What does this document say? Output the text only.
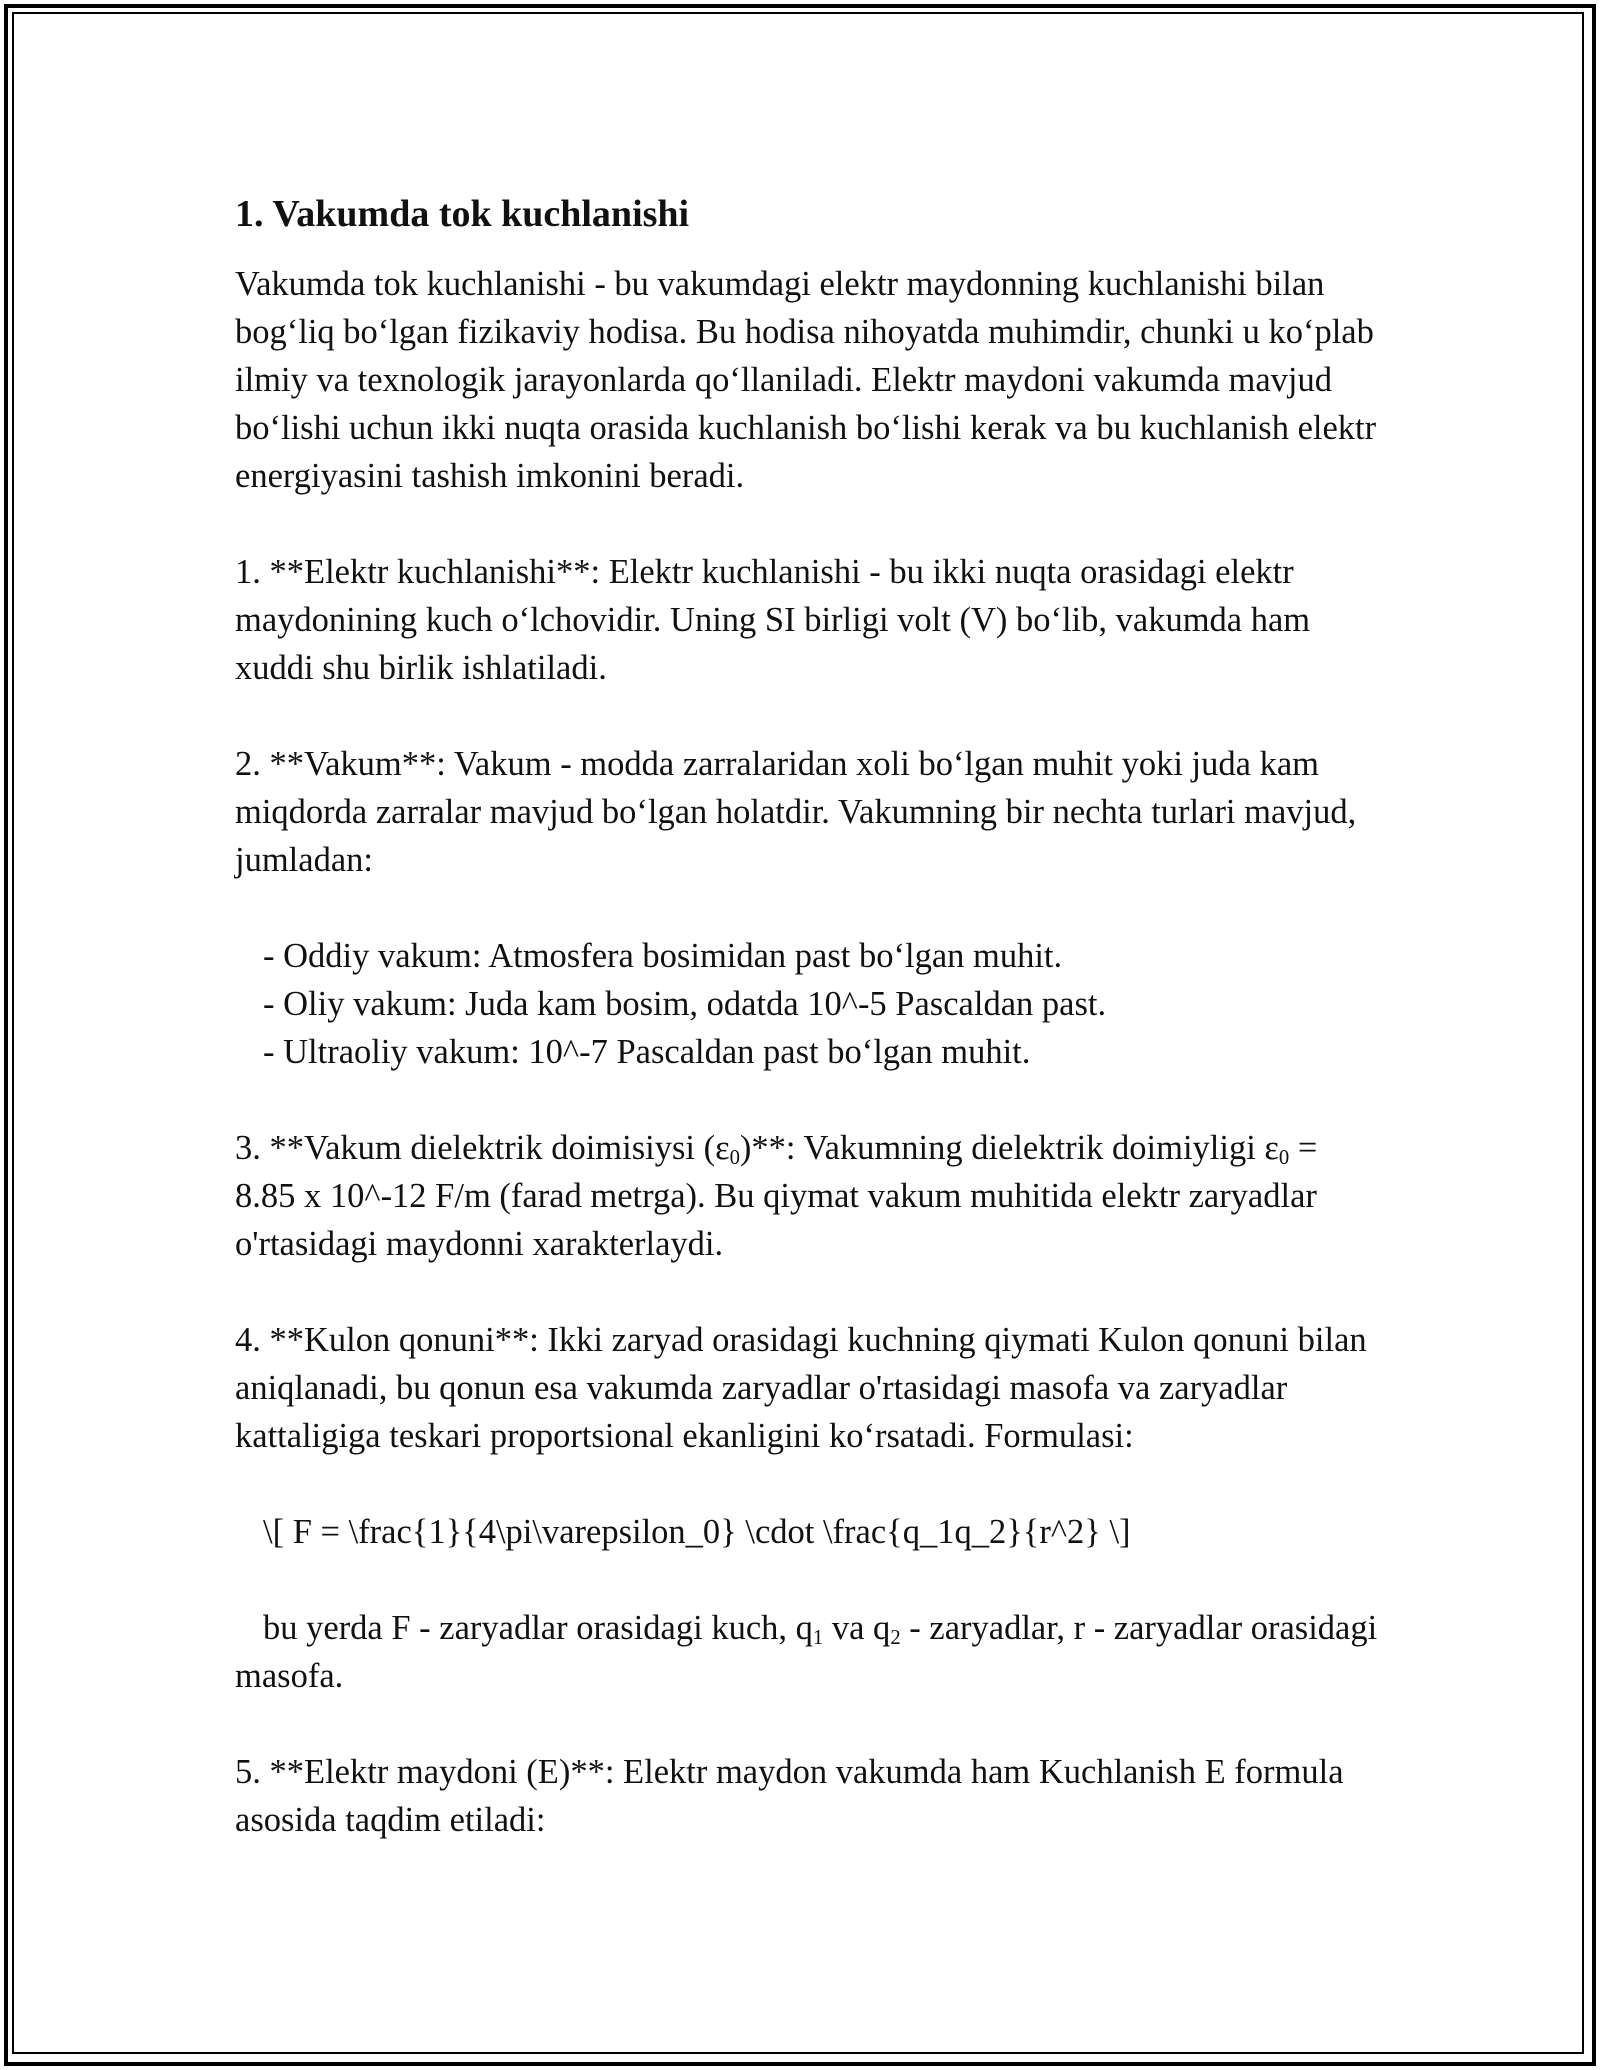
1. Vakumda tok kuchlanishi

Vakumda tok kuchlanishi - bu vakumdagi elektr maydonning kuchlanishi bilan bog‘liq bo‘lgan fizikaviy hodisa. Bu hodisa nihoyatda muhimdir, chunki u ko‘plab ilmiy va texnologik jarayonlarda qo‘llaniladi. Elektr maydoni vakumda mavjud bo‘lishi uchun ikki nuqta orasida kuchlanish bo‘lishi kerak va bu kuchlanish elektr energiyasini tashish imkonini beradi.

1. **Elektr kuchlanishi**: Elektr kuchlanishi - bu ikki nuqta orasidagi elektr maydonining kuch o‘lchovidir. Uning SI birligi volt (V) bo‘lib, vakumda ham xuddi shu birlik ishlatiladi.

2. **Vakum**: Vakum - modda zarralaridan xoli bo‘lgan muhit yoki juda kam miqdorda zarralar mavjud bo‘lgan holatdir. Vakumning bir nechta turlari mavjud, jumladan:

- Oddiy vakum: Atmosfera bosimidan past bo‘lgan muhit.
- Oliy vakum: Juda kam bosim, odatda 10^-5 Pascaldan past.
- Ultraoliy vakum: 10^-7 Pascaldan past bo‘lgan muhit.

3. **Vakum dielektrik doimisiysi $(\varepsilon_0)**$: Vakumning dielektrik doimiyligi $\varepsilon_0 = 8.85$ x 10^-12 F/m (farad metrga). Bu qiymat vakum muhitida elektr zaryadlar o'rtasidagi maydonni xarakterlaydi.

4. **Kulon qonuni**: Ikki zaryad orasidagi kuchning qiymati Kulon qonuni bilan aniqlanadi, bu qonun esa vakumda zaryadlar o'rtasidagi masofa va zaryadlar kattaligiga teskari proportsional ekanligini ko‘rsatadi. Formulasi:

\[ F = \frac{1}{4\pi\varepsilon_0} \cdot \frac{q_1q_2}{r^2} \]

bu yerda F - zaryadlar orasidagi kuch, $q_1$ va $q_2$ - zaryadlar, r - zaryadlar orasidagi masofa.

5. **Elektr maydoni (E)**: Elektr maydon vakumda ham Kuchlanish E formula asosida taqdim etiladi:
